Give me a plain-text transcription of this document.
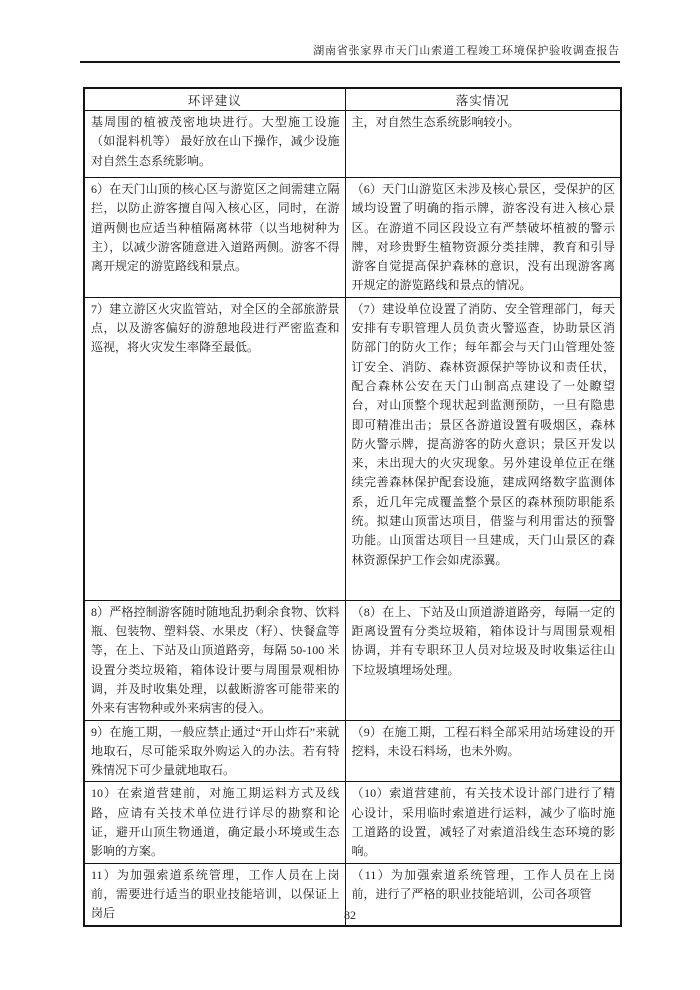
湖南省张家界市天门山索道工程竣工环境保护验收调查报告
环评建议	落实情况

基周围的植被茂密地块进行。大型施工设施（如混料机等） 最好放在山下操作，减少设施对自然生态系统影响。	主，对自然生态系统影响较小。

6）在天门山顶的核心区与游览区之间需建立隔拦，以防止游客擅自闯入核心区，同时，在游道两侧也应适当种植隔离林带（以当地树种为主），以减少游客随意进入道路两侧。游客不得离开规定的游览路线和景点。	（6）天门山游览区未涉及核心景区，受保护的区域均设置了明确的指示牌，游客没有进入核心景区。在游道不同区段设立有严禁破坏植被的警示牌，对珍贵野生植物资源分类挂牌，教育和引导游客自觉提高保护森林的意识，没有出现游客离开规定的游览路线和景点的情况。

7）建立游区火灾监管站，对全区的全部旅游景点，以及游客偏好的游憩地段进行严密监查和巡视，将火灾发生率降至最低。	（7）建设单位设置了消防、安全管理部门，每天安排有专职管理人员负责火警巡查，协助景区消防部门的防火工作；每年都会与天门山管理处签订安全、消防、森林资源保护等协议和责任状，配合森林公安在天门山制高点建设了一处瞭望台，对山顶整个现状起到监测预防，一旦有隐患即可精准出击；景区各游道设置有吸烟区，森林防火警示牌，提高游客的防火意识；景区开发以来，未出现大的火灾现象。另外建设单位正在继续完善森林保护配套设施，建成网络数字监测体系，近几年完成覆盖整个景区的森林预防职能系统。拟建山顶雷达项目，借鉴与利用雷达的预警功能。山顶雷达项目一旦建成，天门山景区的森林资源保护工作会如虎添翼。

8）严格控制游客随时随地乱扔剩余食物、饮料瓶、包装物、塑料袋、水果皮（籽）、快餐盒等等，在上、下站及山顶道路旁，每隔 50-100 米设置分类垃圾箱，箱体设计要与周围景观相协调，并及时收集处理，以截断游客可能带来的外来有害物种或外来病害的侵入。	（8）在上、下站及山顶道游道路旁，每隔一定的距离设置有分类垃圾箱，箱体设计与周围景观相协调，并有专职环卫人员对垃圾及时收集运往山下垃圾填埋场处理。

9）在施工期，一般应禁止通过“开山炸石”来就地取石，尽可能采取外购运入的办法。若有特殊情况下可少量就地取石。	（9）在施工期，工程石料全部采用站场建设的开挖料，未设石料场，也未外购。

10）在索道营建前，对施工期运料方式及线路，应请有关技术单位进行详尽的勘察和论证，避开山顶生物通道，确定最小环境或生态影响的方案。	（10）索道营建前，有关技术设计部门进行了精心设计，采用临时索道进行运料，减少了临时施工道路的设置，减轻了对索道沿线生态环境的影响。

11）为加强索道系统管理，工作人员在上岗前，需要进行适当的职业技能培训，以保证上岗后	（11）为加强索道系统管理，工作人员在上岗前，进行了严格的职业技能培训，公司各项管
82
